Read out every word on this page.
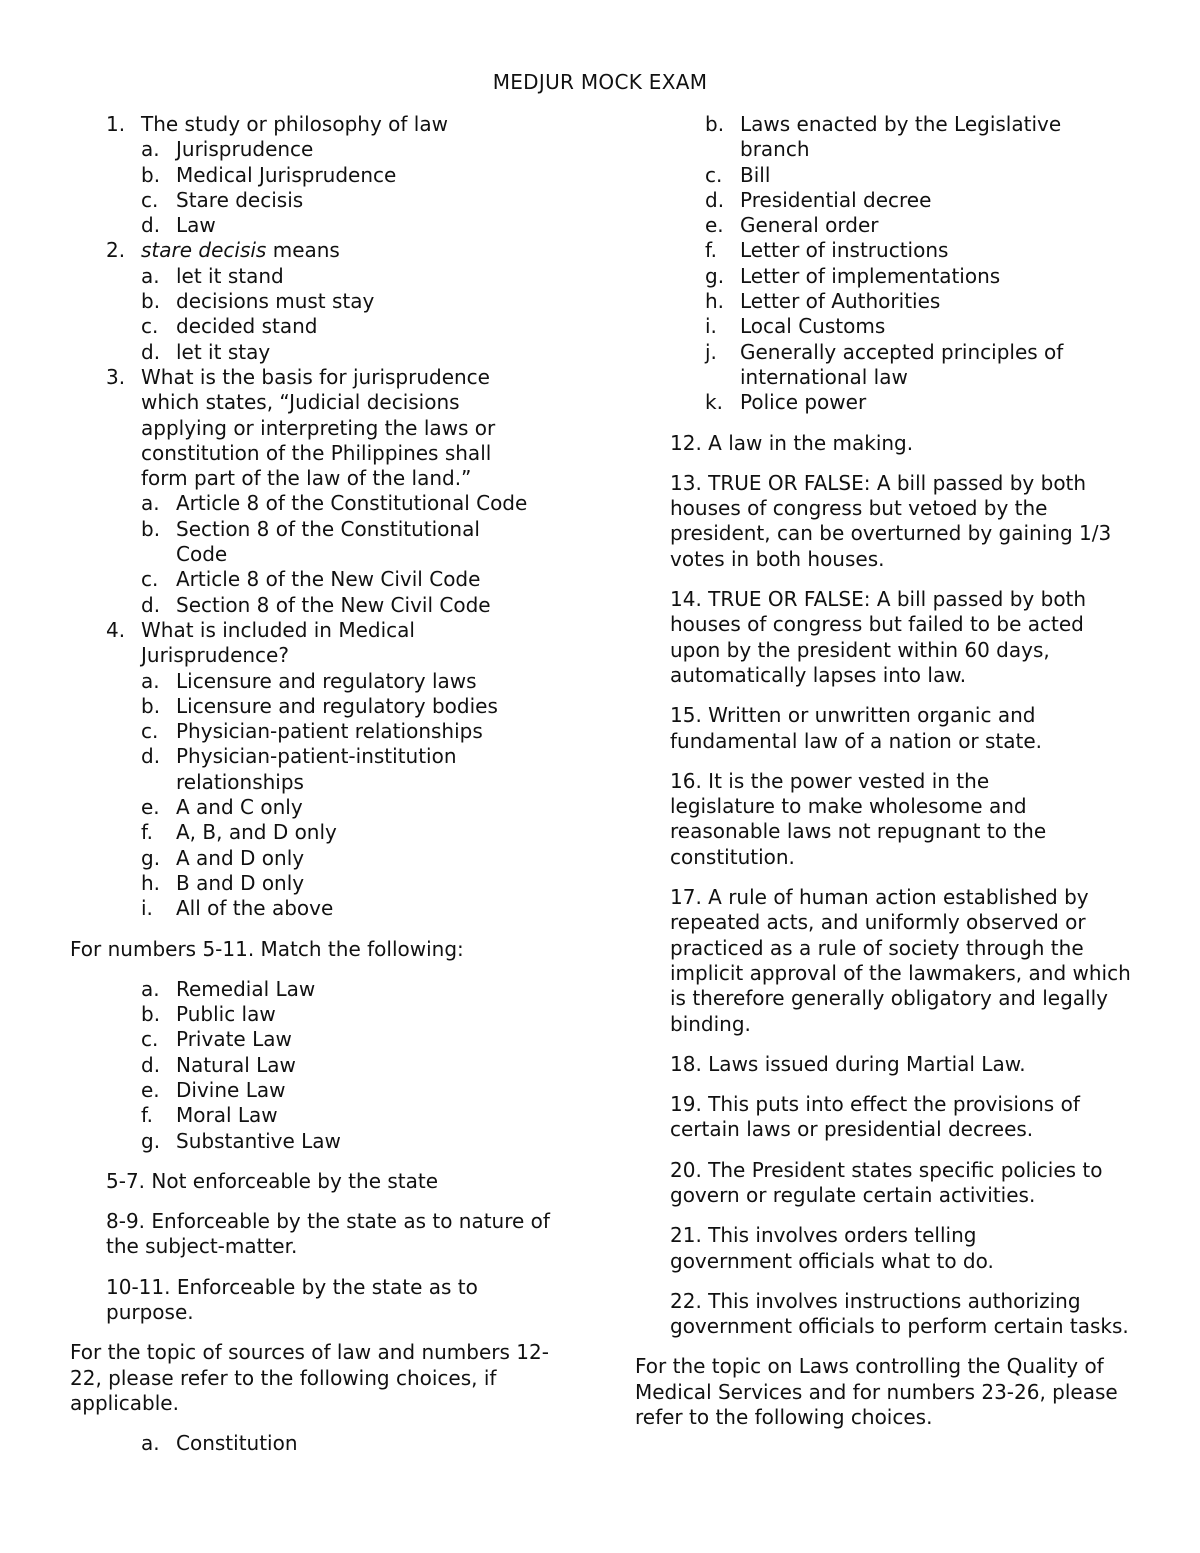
MEDJUR MOCK EXAM
1. The study or philosophy of law
a. Jurisprudence
b. Medical Jurisprudence
c. Stare decisis
d. Law
2. stare decisis means
a. let it stand
b. decisions must stay
c. decided stand
d. let it stay
3. What is the basis for jurisprudence which states, “Judicial decisions applying or interpreting the laws or constitution of the Philippines shall form part of the law of the land.”
a. Article 8 of the Constitutional Code
b. Section 8 of the Constitutional Code
c. Article 8 of the New Civil Code
d. Section 8 of the New Civil Code
4. What is included in Medical Jurisprudence?
a. Licensure and regulatory laws
b. Licensure and regulatory bodies
c. Physician-patient relationships
d. Physician-patient-institution relationships
e. A and C only
f. A, B, and D only
g. A and D only
h. B and D only
i. All of the above

For numbers 5-11. Match the following:

a. Remedial Law
b. Public law
c. Private Law
d. Natural Law
e. Divine Law
f. Moral Law
g. Substantive Law

5-7. Not enforceable by the state

8-9. Enforceable by the state as to nature of the subject-matter.

10-11. Enforceable by the state as to purpose.

For the topic of sources of law and numbers 12-22, please refer to the following choices, if applicable.

a. Constitution
b. Laws enacted by the Legislative branch
c. Bill
d. Presidential decree
e. General order
f. Letter of instructions
g. Letter of implementations
h. Letter of Authorities
i. Local Customs
j. Generally accepted principles of international law
k. Police power

12. A law in the making.

13. TRUE OR FALSE: A bill passed by both houses of congress but vetoed by the president, can be overturned by gaining 1/3 votes in both houses.

14. TRUE OR FALSE: A bill passed by both houses of congress but failed to be acted upon by the president within 60 days, automatically lapses into law.

15. Written or unwritten organic and fundamental law of a nation or state.

16. It is the power vested in the legislature to make wholesome and reasonable laws not repugnant to the constitution.

17. A rule of human action established by repeated acts, and uniformly observed or practiced as a rule of society through the implicit approval of the lawmakers, and which is therefore generally obligatory and legally binding.

18. Laws issued during Martial Law.

19. This puts into effect the provisions of certain laws or presidential decrees.

20. The President states specific policies to govern or regulate certain activities.

21. This involves orders telling government officials what to do.

22. This involves instructions authorizing government officials to perform certain tasks.

For the topic on Laws controlling the Quality of Medical Services and for numbers 23-26, please refer to the following choices.
